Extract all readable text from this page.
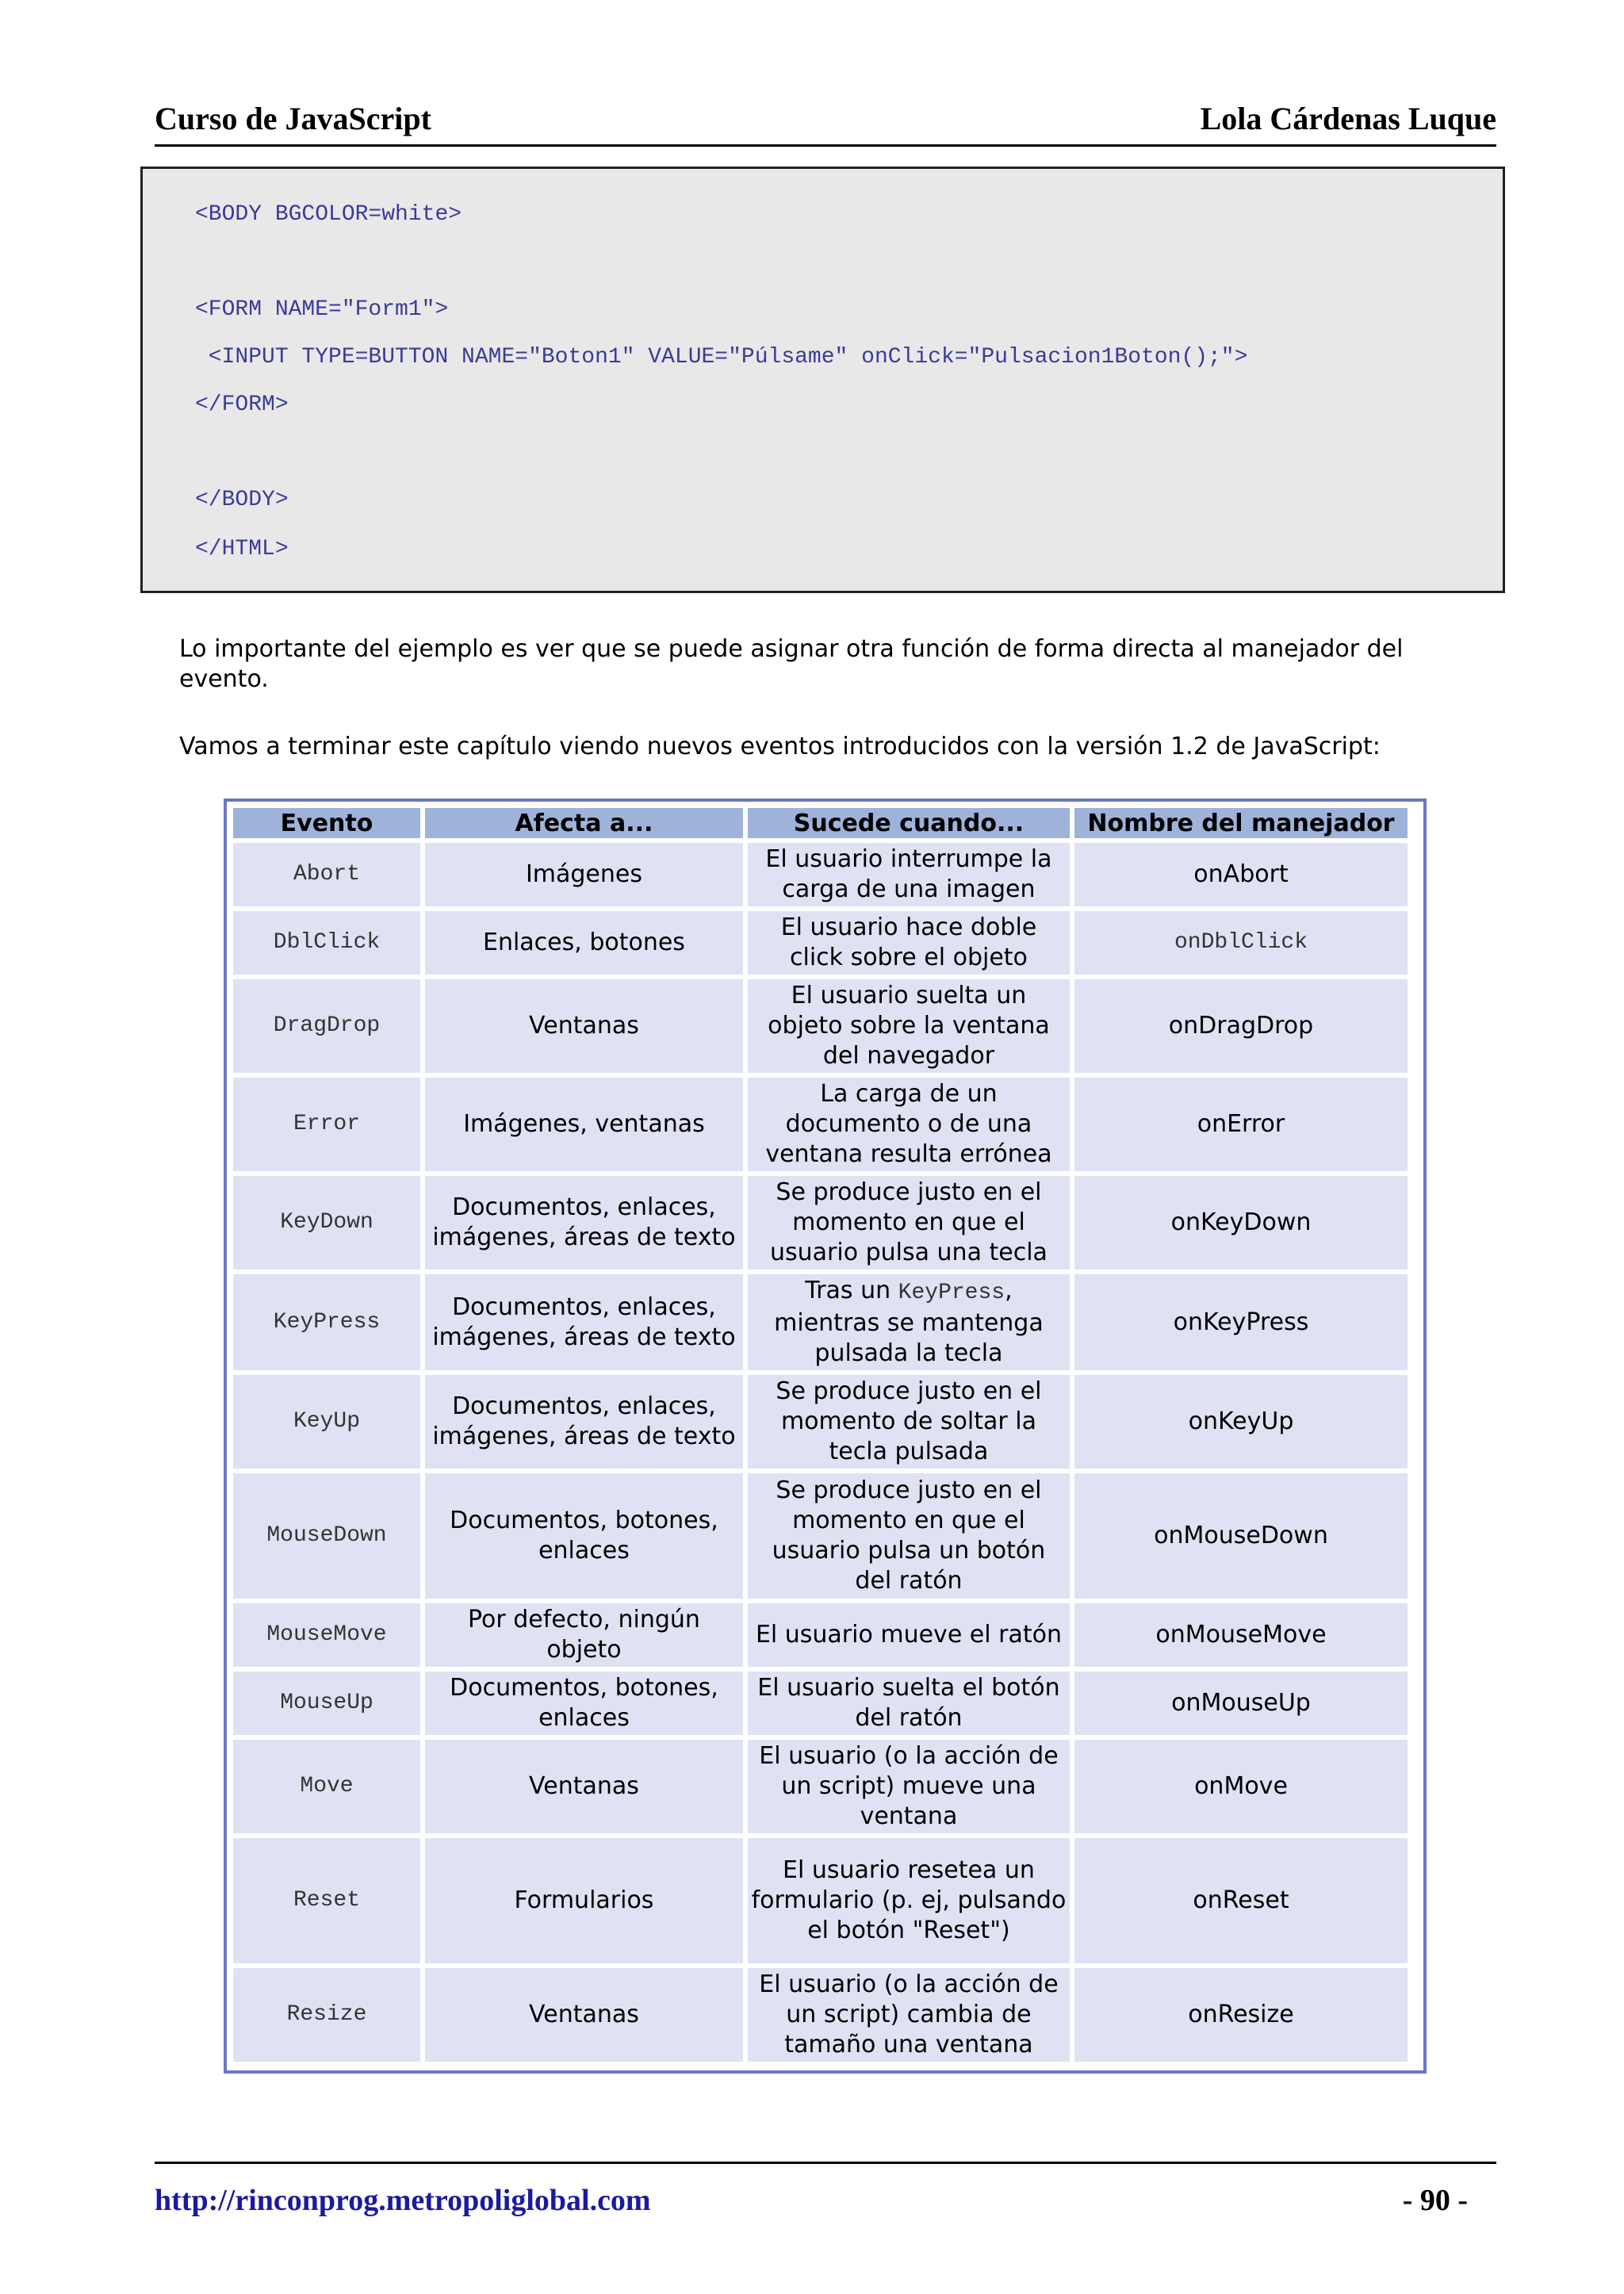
Curso de JavaScript	Lola Cárdenas Luque
<BODY BGCOLOR=white>
<FORM NAME="Form1">
<INPUT TYPE=BUTTON NAME="Boton1" VALUE="Púlsame" onClick="Pulsacion1Boton();">
</FORM>
</BODY>
</HTML>
Lo importante del ejemplo es ver que se puede asignar otra función de forma directa al manejador del evento.
Vamos a terminar este capítulo viendo nuevos eventos introducidos con la versión 1.2 de JavaScript:
Evento	Afecta a...	Sucede cuando...	Nombre del manejador
Abort	Imágenes	El usuario interrumpe la carga de una imagen	onAbort
DblClick	Enlaces, botones	El usuario hace doble click sobre el objeto	onDblClick
DragDrop	Ventanas	El usuario suelta un objeto sobre la ventana del navegador	onDragDrop
Error	Imágenes, ventanas	La carga de un documento o de una ventana resulta errónea	onError
KeyDown	Documentos, enlaces, imágenes, áreas de texto	Se produce justo en el momento en que el usuario pulsa una tecla	onKeyDown
KeyPress	Documentos, enlaces, imágenes, áreas de texto	Tras un KeyPress, mientras se mantenga pulsada la tecla	onKeyPress
KeyUp	Documentos, enlaces, imágenes, áreas de texto	Se produce justo en el momento de soltar la tecla pulsada	onKeyUp
MouseDown	Documentos, botones, enlaces	Se produce justo en el momento en que el usuario pulsa un botón del ratón	onMouseDown
MouseMove	Por defecto, ningún objeto	El usuario mueve el ratón	onMouseMove
MouseUp	Documentos, botones, enlaces	El usuario suelta el botón del ratón	onMouseUp
Move	Ventanas	El usuario (o la acción de un script) mueve una ventana	onMove
Reset	Formularios	El usuario resetea un formulario (p. ej, pulsando el botón "Reset")	onReset
Resize	Ventanas	El usuario (o la acción de un script) cambia de tamaño una ventana	onResize
http://rinconprog.metropoliglobal.com	- 90 -
